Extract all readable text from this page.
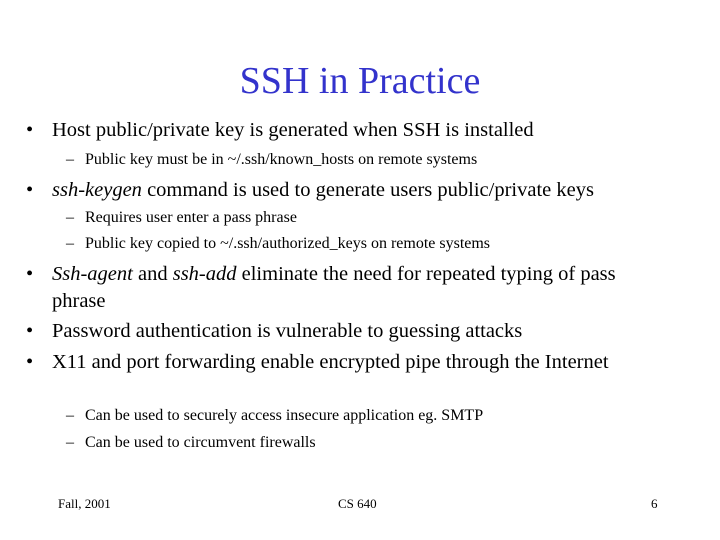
SSH in Practice
• Host public/private key is generated when SSH is installed
– Public key must be in ~/.ssh/known_hosts on remote systems
• ssh-keygen command is used to generate users public/private keys
– Requires user enter a pass phrase
– Public key copied to ~/.ssh/authorized_keys on remote systems
• Ssh-agent and ssh-add eliminate the need for repeated typing of pass phrase
• Password authentication is vulnerable to guessing attacks
• X11 and port forwarding enable encrypted pipe through the Internet
– Can be used to securely access insecure application eg. SMTP
– Can be used to circumvent firewalls
Fall, 2001	CS 640	6
